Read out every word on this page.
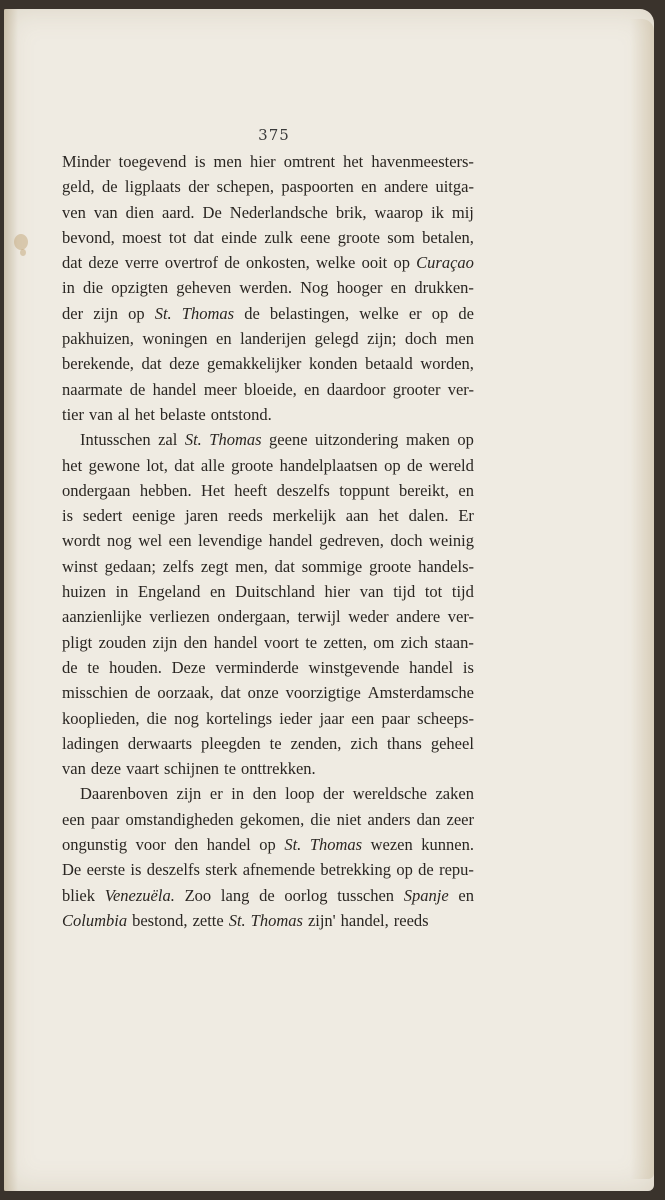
375
Minder toegevend is men hier omtrent het havenmeesters-
geld, de ligplaats der schepen, paspoorten en andere uitga-
ven van dien aard. De Nederlandsche brik, waarop ik mij
bevond, moest tot dat einde zulk eene groote som betalen,
dat deze verre overtrof de onkosten, welke ooit op Curaçao
in die opzigten geheven werden. Nog hooger en drukken-
der zijn op St. Thomas de belastingen, welke er op de
pakhuizen, woningen en landerijen gelegd zijn; doch men
berekende, dat deze gemakkelijker konden betaald worden,
naarmate de handel meer bloeide, en daardoor grooter ver-
tier van al het belaste ontstond.
Intusschen zal St. Thomas geene uitzondering maken op
het gewone lot, dat alle groote handelplaatsen op de wereld
ondergaan hebben. Het heeft deszelfs toppunt bereikt, en
is sedert eenige jaren reeds merkelijk aan het dalen. Er
wordt nog wel een levendige handel gedreven, doch weinig
winst gedaan; zelfs zegt men, dat sommige groote handels-
huizen in Engeland en Duitschland hier van tijd tot tijd
aanzienlijke verliezen ondergaan, terwijl weder andere ver-
pligt zouden zijn den handel voort te zetten, om zich staan-
de te houden. Deze verminderde winstgevende handel is
misschien de oorzaak, dat onze voorzigtige Amsterdamsche
kooplieden, die nog kortelings ieder jaar een paar scheeps-
ladingen derwaarts pleegden te zenden, zich thans geheel
van deze vaart schijnen te onttrekken.
Daarenboven zijn er in den loop der wereldsche zaken
een paar omstandigheden gekomen, die niet anders dan zeer
ongunstig voor den handel op St. Thomas wezen kunnen.
De eerste is deszelfs sterk afnemende betrekking op de repu-
bliek Venezuëla. Zoo lang de oorlog tusschen Spanje en
Columbia bestond, zette St. Thomas zijn' handel, reeds
